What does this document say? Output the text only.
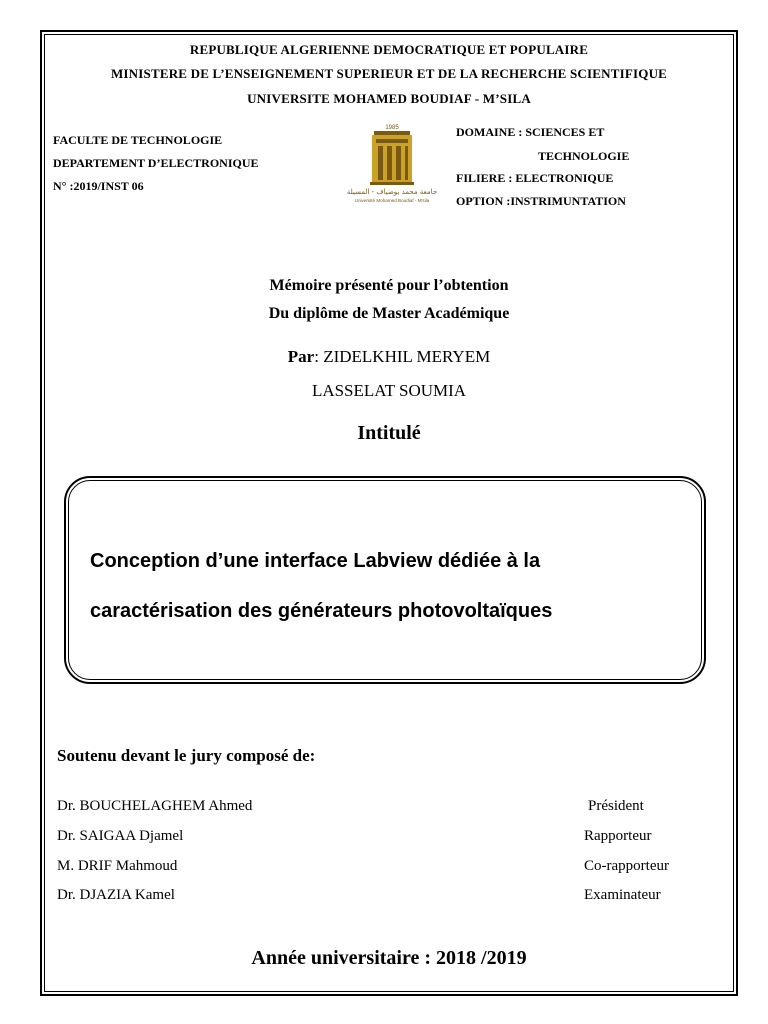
REPUBLIQUE ALGERIENNE DEMOCRATIQUE ET POPULAIRE
MINISTERE DE L’ENSEIGNEMENT SUPERIEUR ET DE LA RECHERCHE SCIENTIFIQUE
UNIVERSITE MOHAMED BOUDIAF - M’SILA
FACULTE DE TECHNOLOGIE
DEPARTEMENT D’ELECTRONIQUE
N° :2019/INST 06
1985
جامعة محمد بوضياف - المسيلة
Université Mohamed Boudiaf - M'sila
DOMAINE : SCIENCES ET
TECHNOLOGIE
FILIERE : ELECTRONIQUE
OPTION :INSTRIMUNTATION
Mémoire présenté pour l’obtention
Du diplôme de Master Académique
Par: ZIDELKHIL MERYEM
LASSELAT SOUMIA
Intitulé
Conception d’une interface Labview dédiée à la
caractérisation des générateurs photovoltaïques
Soutenu devant le jury composé de:
Dr. BOUCHELAGHEM Ahmed	Président
Dr. SAIGAA Djamel	Rapporteur
M. DRIF Mahmoud	Co-rapporteur
Dr. DJAZIA Kamel	Examinateur
Année universitaire : 2018 /2019
